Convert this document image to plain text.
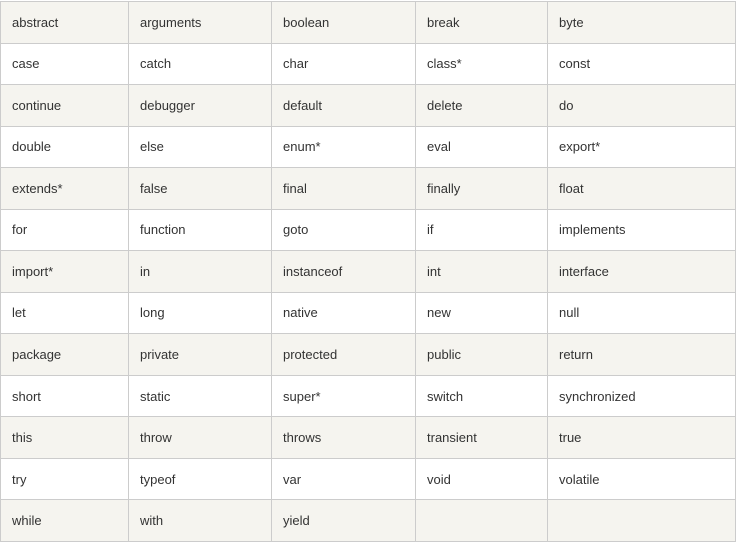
abstract	arguments	boolean	break	byte
case	catch	char	class*	const
continue	debugger	default	delete	do
double	else	enum*	eval	export*
extends*	false	final	finally	float
for	function	goto	if	implements
import*	in	instanceof	int	interface
let	long	native	new	null
package	private	protected	public	return
short	static	super*	switch	synchronized
this	throw	throws	transient	true
try	typeof	var	void	volatile
while	with	yield		
